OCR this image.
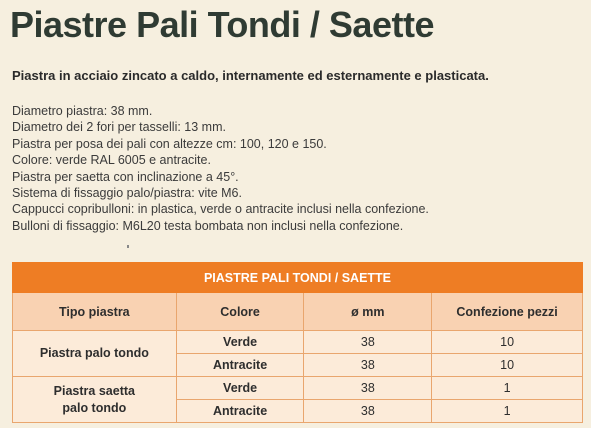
Piastre Pali Tondi / Saette
Piastra in acciaio zincato a caldo, internamente ed esternamente e plasticata.
Diametro piastra: 38 mm.
Diametro dei 2 fori per tasselli: 13 mm.
Piastra per posa dei pali con altezze cm: 100, 120 e 150.
Colore: verde RAL 6005 e antracite.
Piastra per saetta con inclinazione a 45°.
Sistema di fissaggio palo/piastra: vite M6.
Cappucci copribulloni: in plastica, verde o antracite inclusi nella confezione.
Bulloni di fissaggio: M6L20 testa bombata non inclusi nella confezione.
PIASTRE PALI TONDI / SAETTE			
Tipo piastra	Colore	ø mm	Confezione pezzi
Piastra palo tondo	Verde	38	10
	Antracite	38	10
Piastra saetta
palo tondo	Verde	38	1
	Antracite	38	1
